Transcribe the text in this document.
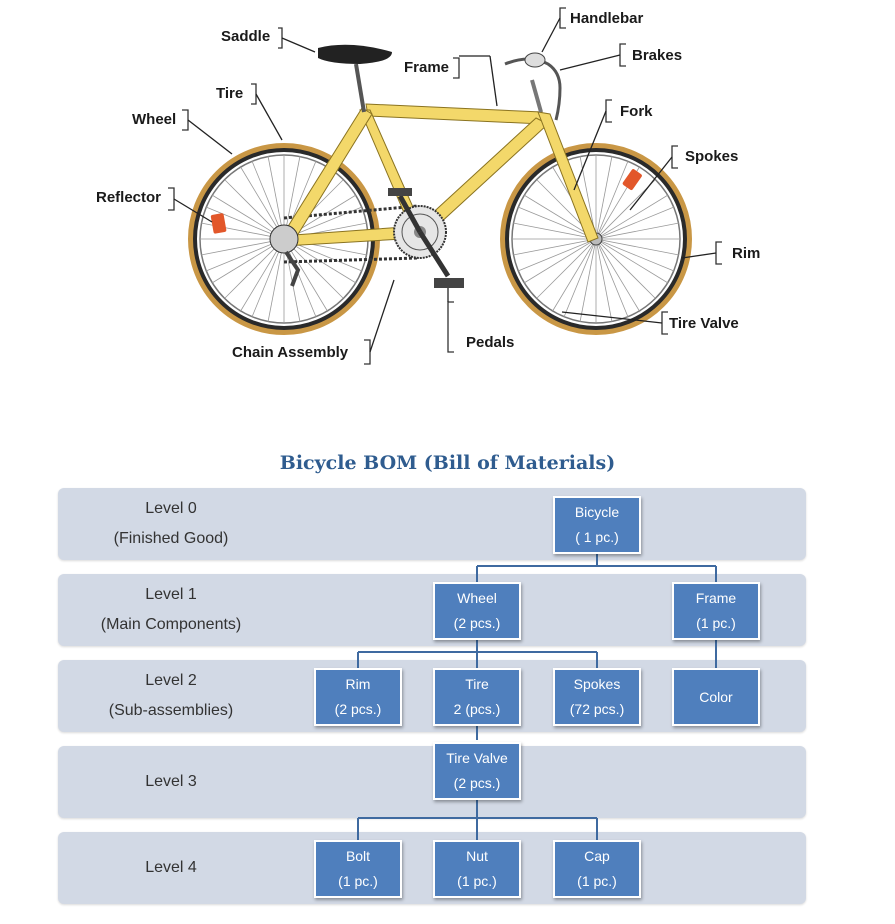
Saddle
Tire
Wheel
Reflector
Chain Assembly
Pedals
Frame
Handlebar
Brakes
Fork
Spokes
Rim
Tire Valve
Bicycle BOM (Bill of Materials)
Level 0
(Finished Good)
Level 1
(Main Components)
Level 2
(Sub-assemblies)
Level 3
Level 4
Bicycle
( 1 pc.)
Wheel
(2 pcs.)
Frame
(1 pc.)
Rim
(2 pcs.)
Tire
2 (pcs.)
Spokes
(72 pcs.)
Color
Tire Valve
(2 pcs.)
Bolt
(1 pc.)
Nut
(1 pc.)
Cap
(1 pc.)
